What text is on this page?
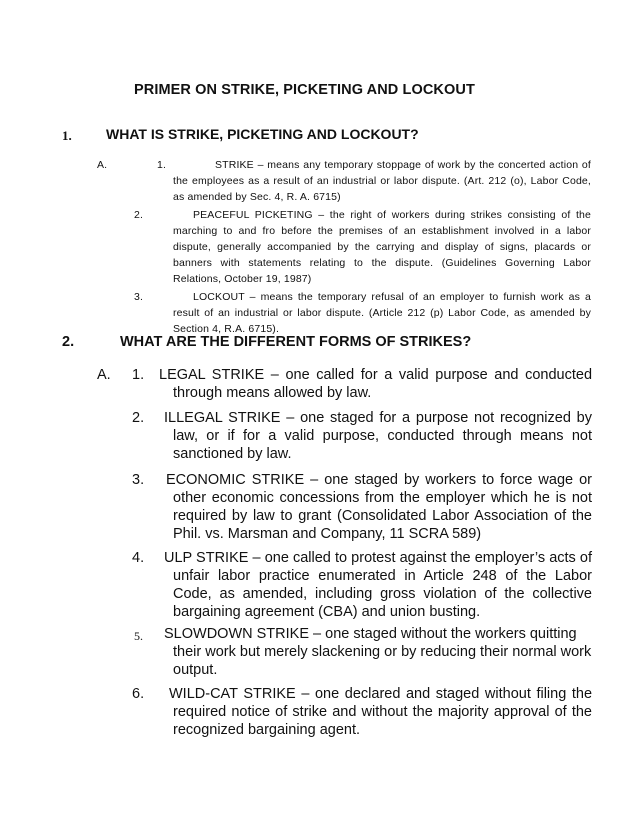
PRIMER ON STRIKE, PICKETING AND LOCKOUT
1. WHAT IS STRIKE, PICKETING AND LOCKOUT?
A.	1.	STRIKE – means any temporary stoppage of work by the concerted action of the employees as a result of an industrial or labor dispute. (Art. 212 (o), Labor Code, as amended by Sec. 4, R. A. 6715)
2.	PEACEFUL PICKETING – the right of workers during strikes consisting of the marching to and fro before the premises of an establishment involved in a labor dispute, generally accompanied by the carrying and display of signs, placards or banners with statements relating to the dispute. (Guidelines Governing Labor Relations, October 19, 1987)
3.	LOCKOUT – means the temporary refusal of an employer to furnish work as a result of an industrial or labor dispute. (Article 212 (p) Labor Code, as amended by Section 4, R.A. 6715).
2.	WHAT ARE THE DIFFERENT FORMS OF STRIKES?
A. 1. LEGAL STRIKE – one called for a valid purpose and conducted through means allowed by law.
2. ILLEGAL STRIKE – one staged for a purpose not recognized by law, or if for a valid purpose, conducted through means not sanctioned by law.
3. ECONOMIC STRIKE – one staged by workers to force wage or other economic concessions from the employer which he is not required by law to grant (Consolidated Labor Association of the Phil. vs. Marsman and Company, 11 SCRA 589)
4. ULP STRIKE – one called to protest against the employer’s acts of unfair labor practice enumerated in Article 248 of the Labor Code, as amended, including gross violation of the collective bargaining agreement (CBA) and union busting.
5. SLOWDOWN STRIKE – one staged without the workers quitting their work but merely slackening or by reducing their normal work output.
6. WILD-CAT STRIKE – one declared and staged without filing the required notice of strike and without the majority approval of the recognized bargaining agent.
